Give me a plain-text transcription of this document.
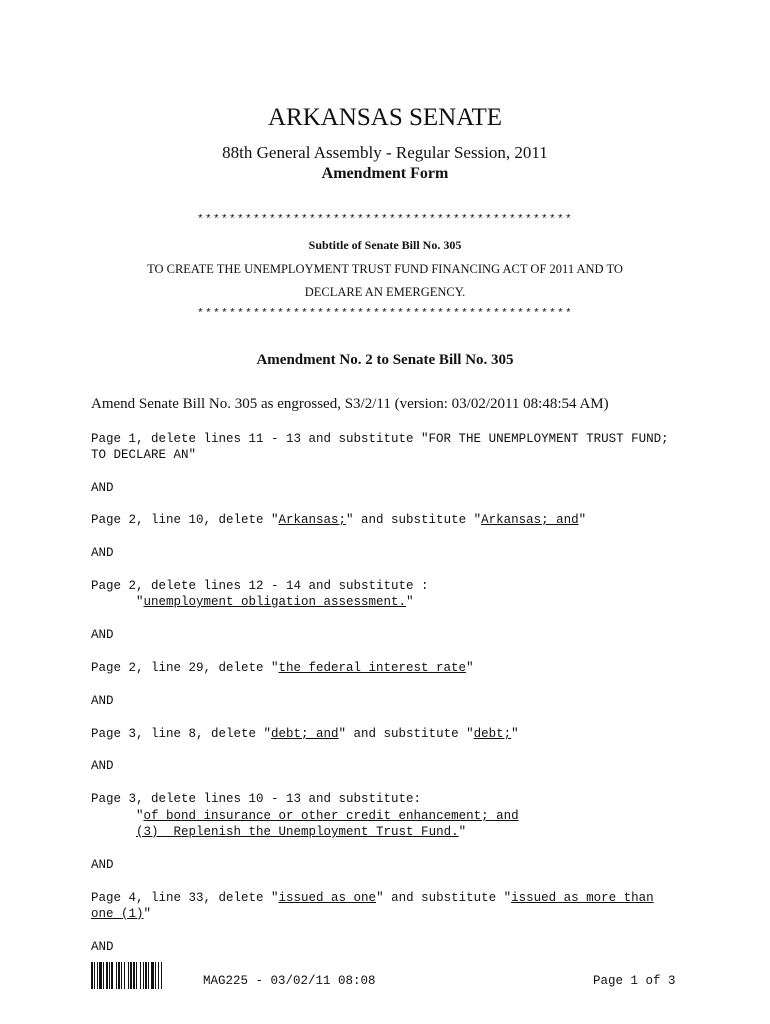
ARKANSAS SENATE
88th General Assembly - Regular Session, 2011
Amendment Form
***********************************************
Subtitle of Senate Bill No. 305
TO CREATE THE UNEMPLOYMENT TRUST FUND FINANCING ACT OF 2011 AND TO
DECLARE AN EMERGENCY.
***********************************************
Amendment No. 2 to Senate Bill No. 305
Amend Senate Bill No. 305 as engrossed, S3/2/11 (version: 03/02/2011 08:48:54 AM)
Page 1, delete lines 11 - 13 and substitute "FOR THE UNEMPLOYMENT TRUST FUND;
TO DECLARE AN"
AND
Page 2, line 10, delete "Arkansas;" and substitute "Arkansas; and"
AND
Page 2, delete lines 12 - 14 and substitute :
"unemployment obligation assessment."
AND
Page 2, line 29, delete "the federal interest rate"
AND
Page 3, line 8, delete "debt; and" and substitute "debt;"
AND
Page 3, delete lines 10 - 13 and substitute:
"of bond insurance or other credit enhancement; and
(3)  Replenish the Unemployment Trust Fund."
AND
Page 4, line 33, delete "issued as one" and substitute "issued as more than
one (1)"
AND
MAG225 - 03/02/11 08:08	Page 1 of 3
